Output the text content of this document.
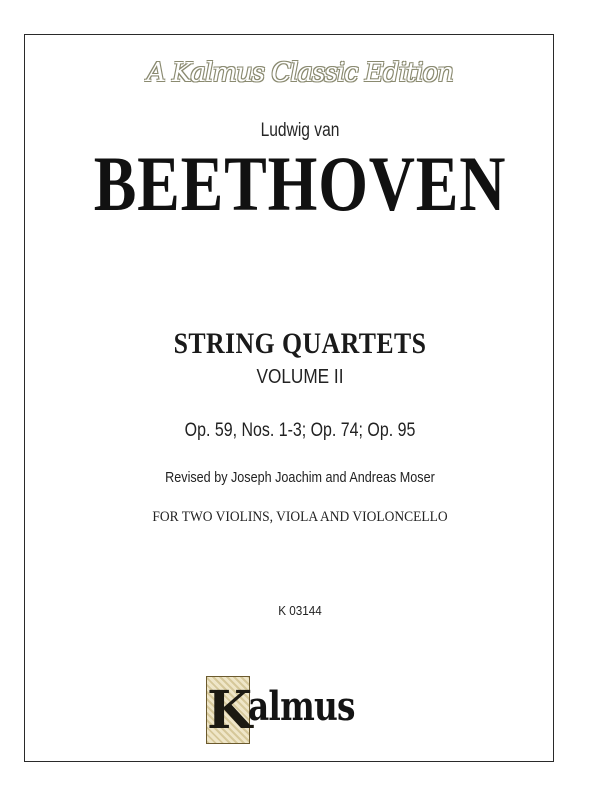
A Kalmus Classic Edition
Ludwig van
BEETHOVEN
STRING QUARTETS
VOLUME II
Op. 59, Nos. 1-3; Op. 74; Op. 95
Revised by Joseph Joachim and Andreas Moser
FOR TWO VIOLINS, VIOLA AND VIOLONCELLO
K 03144
K
almus
